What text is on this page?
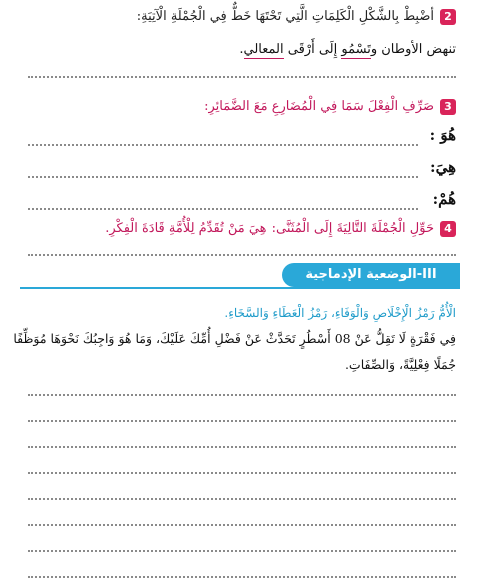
2أضْبِطْ بِالشَّكْلِ الْكَلِمَاتِ الَّتِي تَحْتَهَا خَطٌّ فِي الْجُمْلَةِ الْآتِيَةِ:
تنهض الأوطان وتَسْمُو إِلَى أَرْقَى المعالي.
3صَرِّفِ الْفِعْلَ سَمَا فِي الْمُضَارِعِ مَعَ الضَّمَائِرِ:
هُوَ :
هِيَ:
هُمْ:
4حَوِّلِ الْجُمْلَةَ التَّالِيَةَ إِلَى الْمُثَنَّى: هِيَ مَنْ تُقَدِّمُ لِلْأُمَّةِ قَادَةَ الْفِكْرِ.
III-الوضعية الإدماجية
الْأُمُّ رَمْزُ الْإِخْلَاصِ وَالْوَفَاءِ، رَمْزُ الْعَطَاءِ وَالسَّخَاءِ.
فِي فَقْرَةٍ لَا تَقِلُّ عَنْ 08 أَسْطُرٍ تَحَدَّثْ عَنْ فَضْلِ أُمِّكَ عَلَيْكَ، وَمَا هُوَ وَاجِبُكَ نَحْوَهَا مُوَظِّفًا
جُمَلًا فِعْلِيَّةً، وَالصِّفَاتِ.
